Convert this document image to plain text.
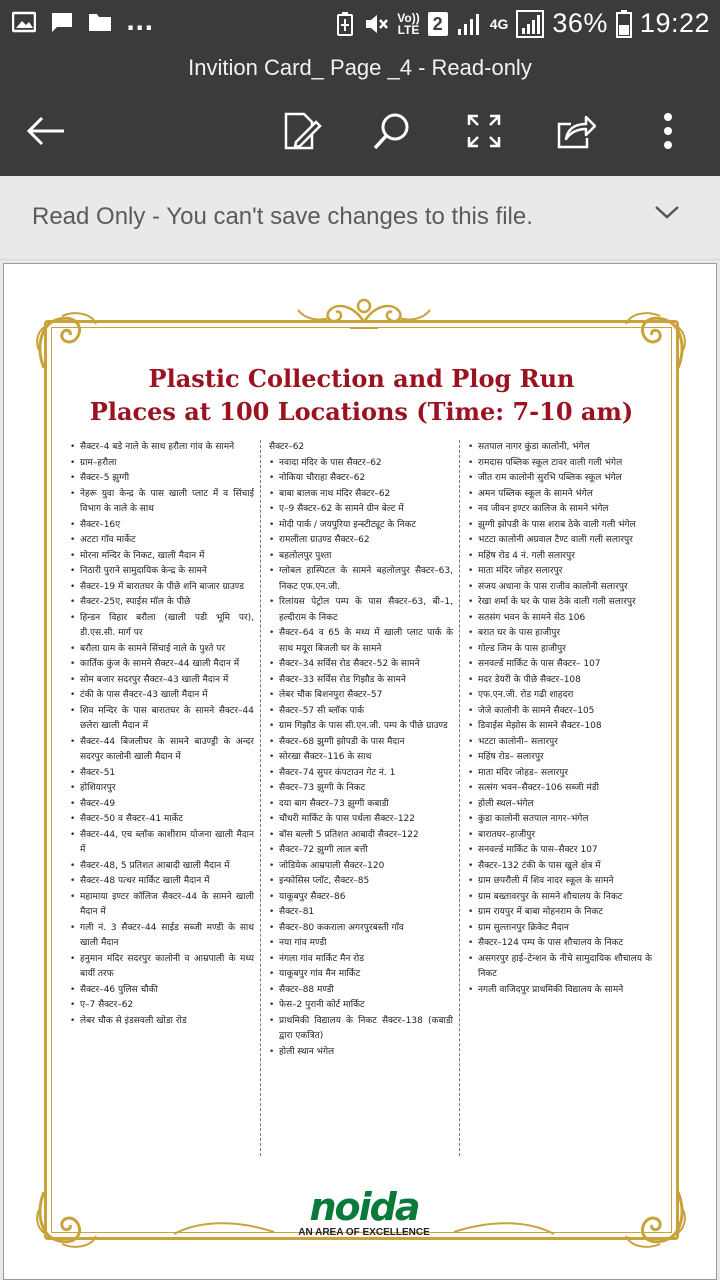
...	Vo))
LTE 2	4G 36% 19:22
Invition Card_ Page _4 - Read-only
Read Only - You can't save changes to this file.
Plastic Collection and Plog Run
Places at 100 Locations (Time: 7-10 am)
• सैक्टर–4 बडे नाले के साथ हरौला गांव के सामने
• ग्राम–हरौला
• सैक्टर–5 झुग्गी
• नेहरू युवा केन्द्र के पास खाली प्लाट में व सिंचाई विभाग के नाले के साथ
• सैक्टर–16ए
• अटटा गॉव मार्केट
• मोरना मन्दिर के निकट, खाली मैदान में
• निठारी पुराने सामुदायिक केन्द्र के सामने
• सैक्टर–19 में बारातघर के पीछे शनि बाजार ग्राउण्ड
• सैक्टर–25ए, स्पाईस मॉल के पीछे
• हिन्डन विहार बरौला (खाली पडी भूमि पर), डी.एस.सी. मार्ग पर
• बरौला ग्राम के सामने सिंचाई नाले के पुश्ते पर
• कार्तिक कुंज के सामने सैक्टर–44 खाली मैदान में
• सोम बजार सदरपुर सैक्टर–43 खाली मैदान में
• टंकी के पास सैक्टर–43 खाली मैदान में
• शिव मन्दिर के पास बारातघर के सामने सैक्टर–44 छलेरा खाली मैदान में
• सैक्टर–44 बिजलीघर के सामने बाउण्ड्री के अन्दर सदरपुर कालोनी खाली मैदान में
• सैक्टर–51
• होशियारपुर
• सैक्टर–49
• सैक्टर–50 व सैक्टर–41 मार्केट
• सैक्टर–44, एच ब्लॉक काशीराम योजना खाली मैदान में
• सैक्टर–48, 5 प्रतिशत आबादी खाली मैदान में
• सैक्टर–48 पत्थर मार्किट खाली मैदान में
• महामाया इण्टर कॉलिज सैक्टर–44 के सामने खाली मैदान में
• गली नं. 3 सैक्टर–44 साईड सब्जी मण्डी के साथ खाली मैदान
• हनुमान मंदिर सदरपुर कालोनी व आम्रपाली के मध्य बायीं तरफ
• सैक्टर–46 पुलिस चौकी
• ए–7 सैक्टर–62
• लेबर चौक से इंडसवली खोडा रोड
सैक्टर–62
• नवादा मंदिर के पास सैक्टर–62
• नोकिया चौराहा सैक्टर–62
• बाबा बालक नाथ मंदिर सैक्टर–62
• ए–9 सैक्टर–62 के सामने ग्रीन बेल्ट में
• मोदी पार्क / जयपुरिया इन्स्टीट्यूट के निकट
• रामलीला ग्राउण्ड सैक्टर–62
• बहलोलपुर पुश्ता
• ग्लोबल हास्पिटल के सामने बहलोलपुर सैक्टर–63, निकट एफ.एन.जी.
• रिलांयस पेट्रोल पम्प के पास सैक्टर–63, बी–1, हल्दीराम के निकट
• सैक्टर–64 व 65 के मध्य में खाली प्लाट पार्क के साथ मयूरा बिजली घर के सामने
• सैक्टर–34 सर्विस रोड सैक्टर–52 के सामने
• सैक्टर–33 सर्विस रोड गिझौड के सामने
• लेबर चौक बिशनपुरा सैक्टर–57
• सैक्टर–57 सी ब्लॉक पार्क
• ग्राम गिझौड के पास सी.एन.जी. पम्प के पीछे ग्राउण्ड
• सैक्टर–68 झुग्गी झोपडी के पास मैदान
• सोरखा सैक्टर–116 के साथ
• सैक्टर–74 सुपर कंपटाउन गेट नं. 1
• सैक्टर–73 झुग्गी के निकट
• दया बाग सैक्टर–73 झुग्गी कबाडी
• चौधरी मार्किट के पास पर्थला सैक्टर–122
• बॉस बल्ली 5 प्रतिशत आबादी सैक्टर–122
• सैक्टर–72 झुग्गी लाल बत्ती
• जोडियेक आम्रपाली सैक्टर–120
• इन्फोसिस प्लॉट, सैक्टर–85
• याकूबपुर सैक्टर–86
• सैक्टर–81
• सैक्टर–80 ककराला अगरपुरबस्ती गॉव
• नया गांव मण्डी
• नंगला गांव मार्किट मैन रोड
• याकूबपुर गांव मैन मार्किट
• सैक्टर–88 मण्डी
• फेस–2 पुरानी कोर्ट मार्किट
• प्राथमिकी विद्यालय के निकट सैक्टर–138 (कबाडी द्वारा एकत्रित)
• होली स्थान भंगेल
• सतपाल नागर कुंडा कालोनी, भंगेल
• रामदास पब्लिक स्कूल टावर वाली गली भंगेल
• जीत राम कालोनी सुरभि पब्लिक स्कूल भंगेल
• अमन पब्लिक स्कूल के सामने भंगेल
• नव जीवन इण्टर कालिज के सामने भंगेल
• झुग्गी झोपडी के पास शराब ठेके वाली गली भंगेल
• भटटा कालोनी अग्रवाल टैण्ट वाली गली सलारपुर
• महिंष रोड 4 नं. गली सलारपुर
• माता मंदिर जोहर सलारपुर
• संजय अधाना के पास राजीव कालोनी सलारपुर
• रेखा शर्मा के घर के पास ठेके वाली गली सलारपुर
• सतसंग भवन के सामने सेठ 106
• बरात घर के पास हाजीपुर
• गोल्ड जिम के पास हाजीपुर
• सनवर्ल्ड मार्किट के पास सैक्टर– 107
• मदर डेयरी के पीछे सैक्टर–108
• एफ.एन.जी. रोड गढी शाहदरा
• जेजे कालोनी के सामने सैक्टर–105
• डिवाईस मेझोस के सामने सैक्टर–108
• भटटा कालोनी– सलारपुर
• महिंष रोड– सलारपुर
• माता मंदिर जोहड– सलारपुर
• सत्संग भवन–सैक्टर–106 सब्जी मंडी
• होली स्थल–भंगेल
• कुंडा कालोनी सतपाल नागर–भंगेल
• बारातघर–हाजीपुर
• सनवर्ल्ड मार्किट के पास–सैक्टर 107
• सैक्टर–132 टंकी के पास खुले क्षेत्र में
• ग्राम छपरौली में शिव नादर स्कूल के सामने
• ग्राम बख्तावरपुर के सामने शौचालय के निकट
• ग्राम रायपुर में बाबा मोहनराम के निकट
• ग्राम सुल्तानपुर क्रिकेट मैदान
• सैक्टर–124 पम्प के पास शौचालय के निकट
• असगरपुर हाई–टेन्शन के नीचे सामुदायिक शौचालय के निकट
• नगली वाजिदपुर प्राथमिकी विद्यालय के सामने
noida
AN AREA OF EXCELLENCE
